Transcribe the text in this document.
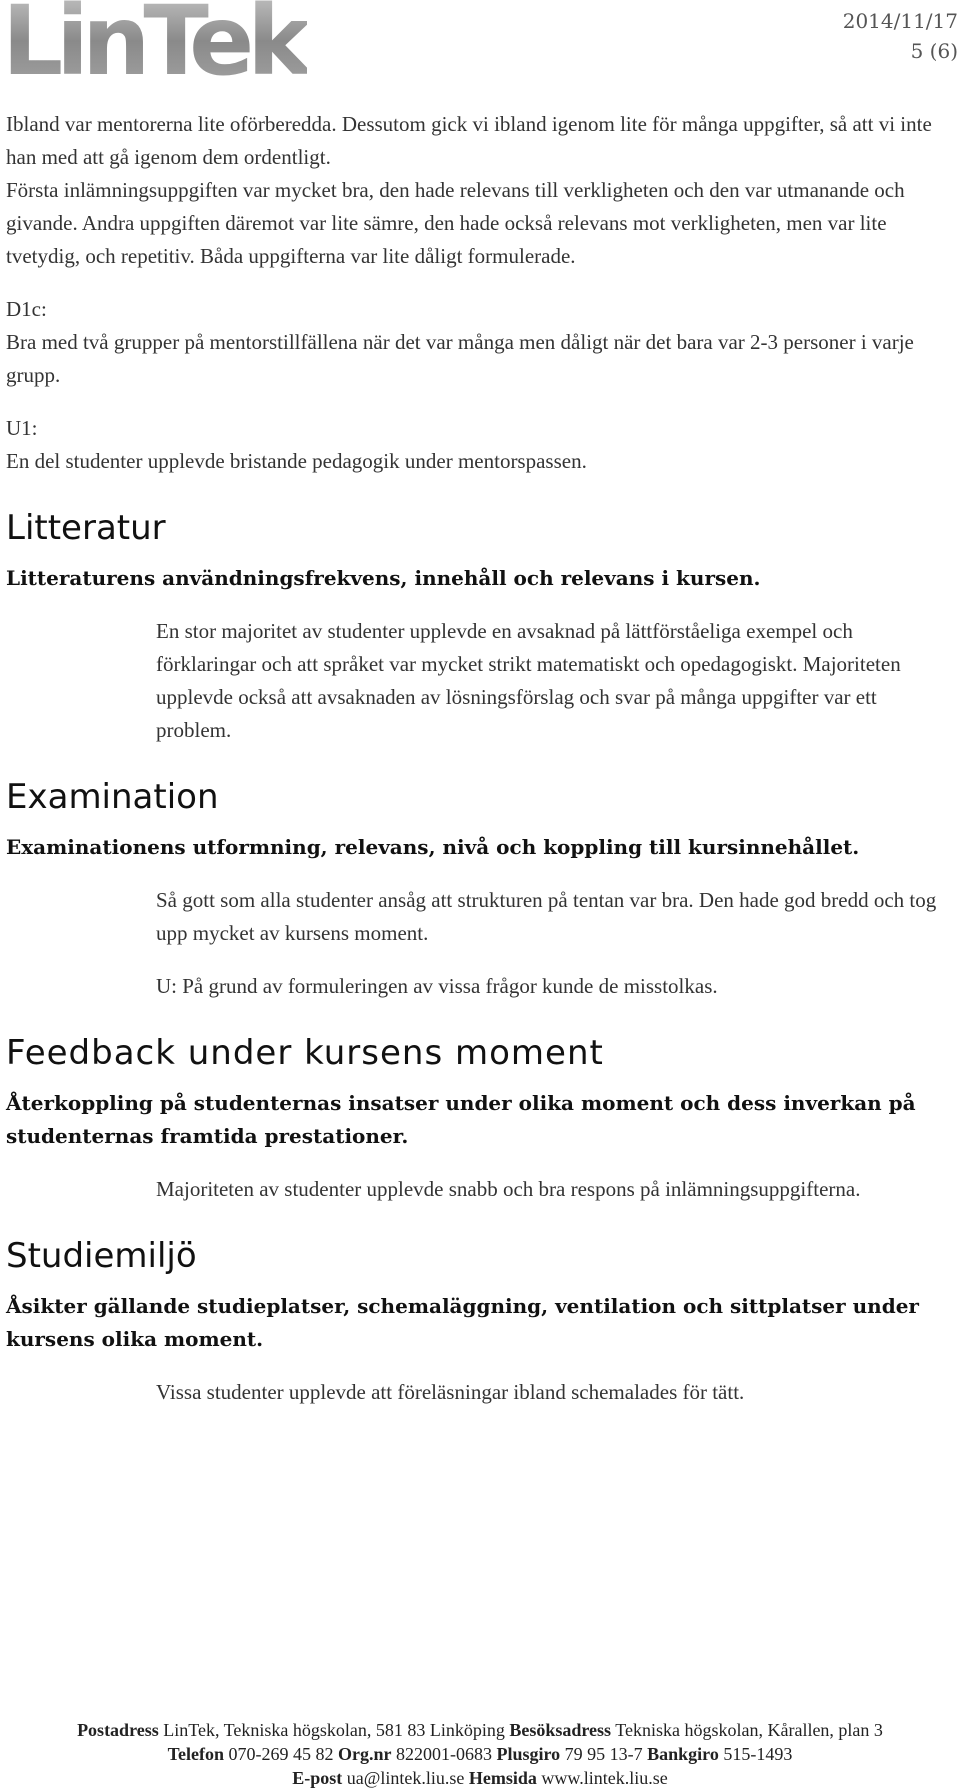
LinTek	2014/11/17
5 (6)

Ibland var mentorerna lite oförberedda. Dessutom gick vi ibland igenom lite för många uppgifter, så att vi inte han med att gå igenom dem ordentligt.

Första inlämningsuppgiften var mycket bra, den hade relevans till verkligheten och den var utmanande och givande. Andra uppgiften däremot var lite sämre, den hade också relevans mot verkligheten, men var lite tvetydig, och repetitiv. Båda uppgifterna var lite dåligt formulerade.

D1c:

Bra med två grupper på mentorstillfällena när det var många men dåligt när det bara var 2-3 personer i varje grupp.

U1:

En del studenter upplevde bristande pedagogik under mentorspassen.

Litteratur
Litteraturens användningsfrekvens, innehåll och relevans i kursen.

En stor majoritet av studenter upplevde en avsaknad på lättförståeliga exempel och förklaringar och att språket var mycket strikt matematiskt och opedagogiskt. Majoriteten upplevde också att avsaknaden av lösningsförslag och svar på många uppgifter var ett problem.

Examination
Examinationens utformning, relevans, nivå och koppling till kursinnehållet.

Så gott som alla studenter ansåg att strukturen på tentan var bra. Den hade god bredd och tog upp mycket av kursens moment.

U: På grund av formuleringen av vissa frågor kunde de misstolkas.

Feedback under kursens moment
Återkoppling på studenternas insatser under olika moment och dess inverkan på studenternas framtida prestationer.

Majoriteten av studenter upplevde snabb och bra respons på inlämningsuppgifterna.

Studiemiljö
Åsikter gällande studieplatser, schemaläggning, ventilation och sittplatser under kursens olika moment.

Vissa studenter upplevde att föreläsningar ibland schemalades för tätt.

Postadress LinTek, Tekniska högskolan, 581 83 Linköping Besöksadress Tekniska högskolan, Kårallen, plan 3
Telefon 070-269 45 82 Org.nr 822001-0683 Plusgiro 79 95 13-7 Bankgiro 515-1493
E-post ua@lintek.liu.se Hemsida www.lintek.liu.se
